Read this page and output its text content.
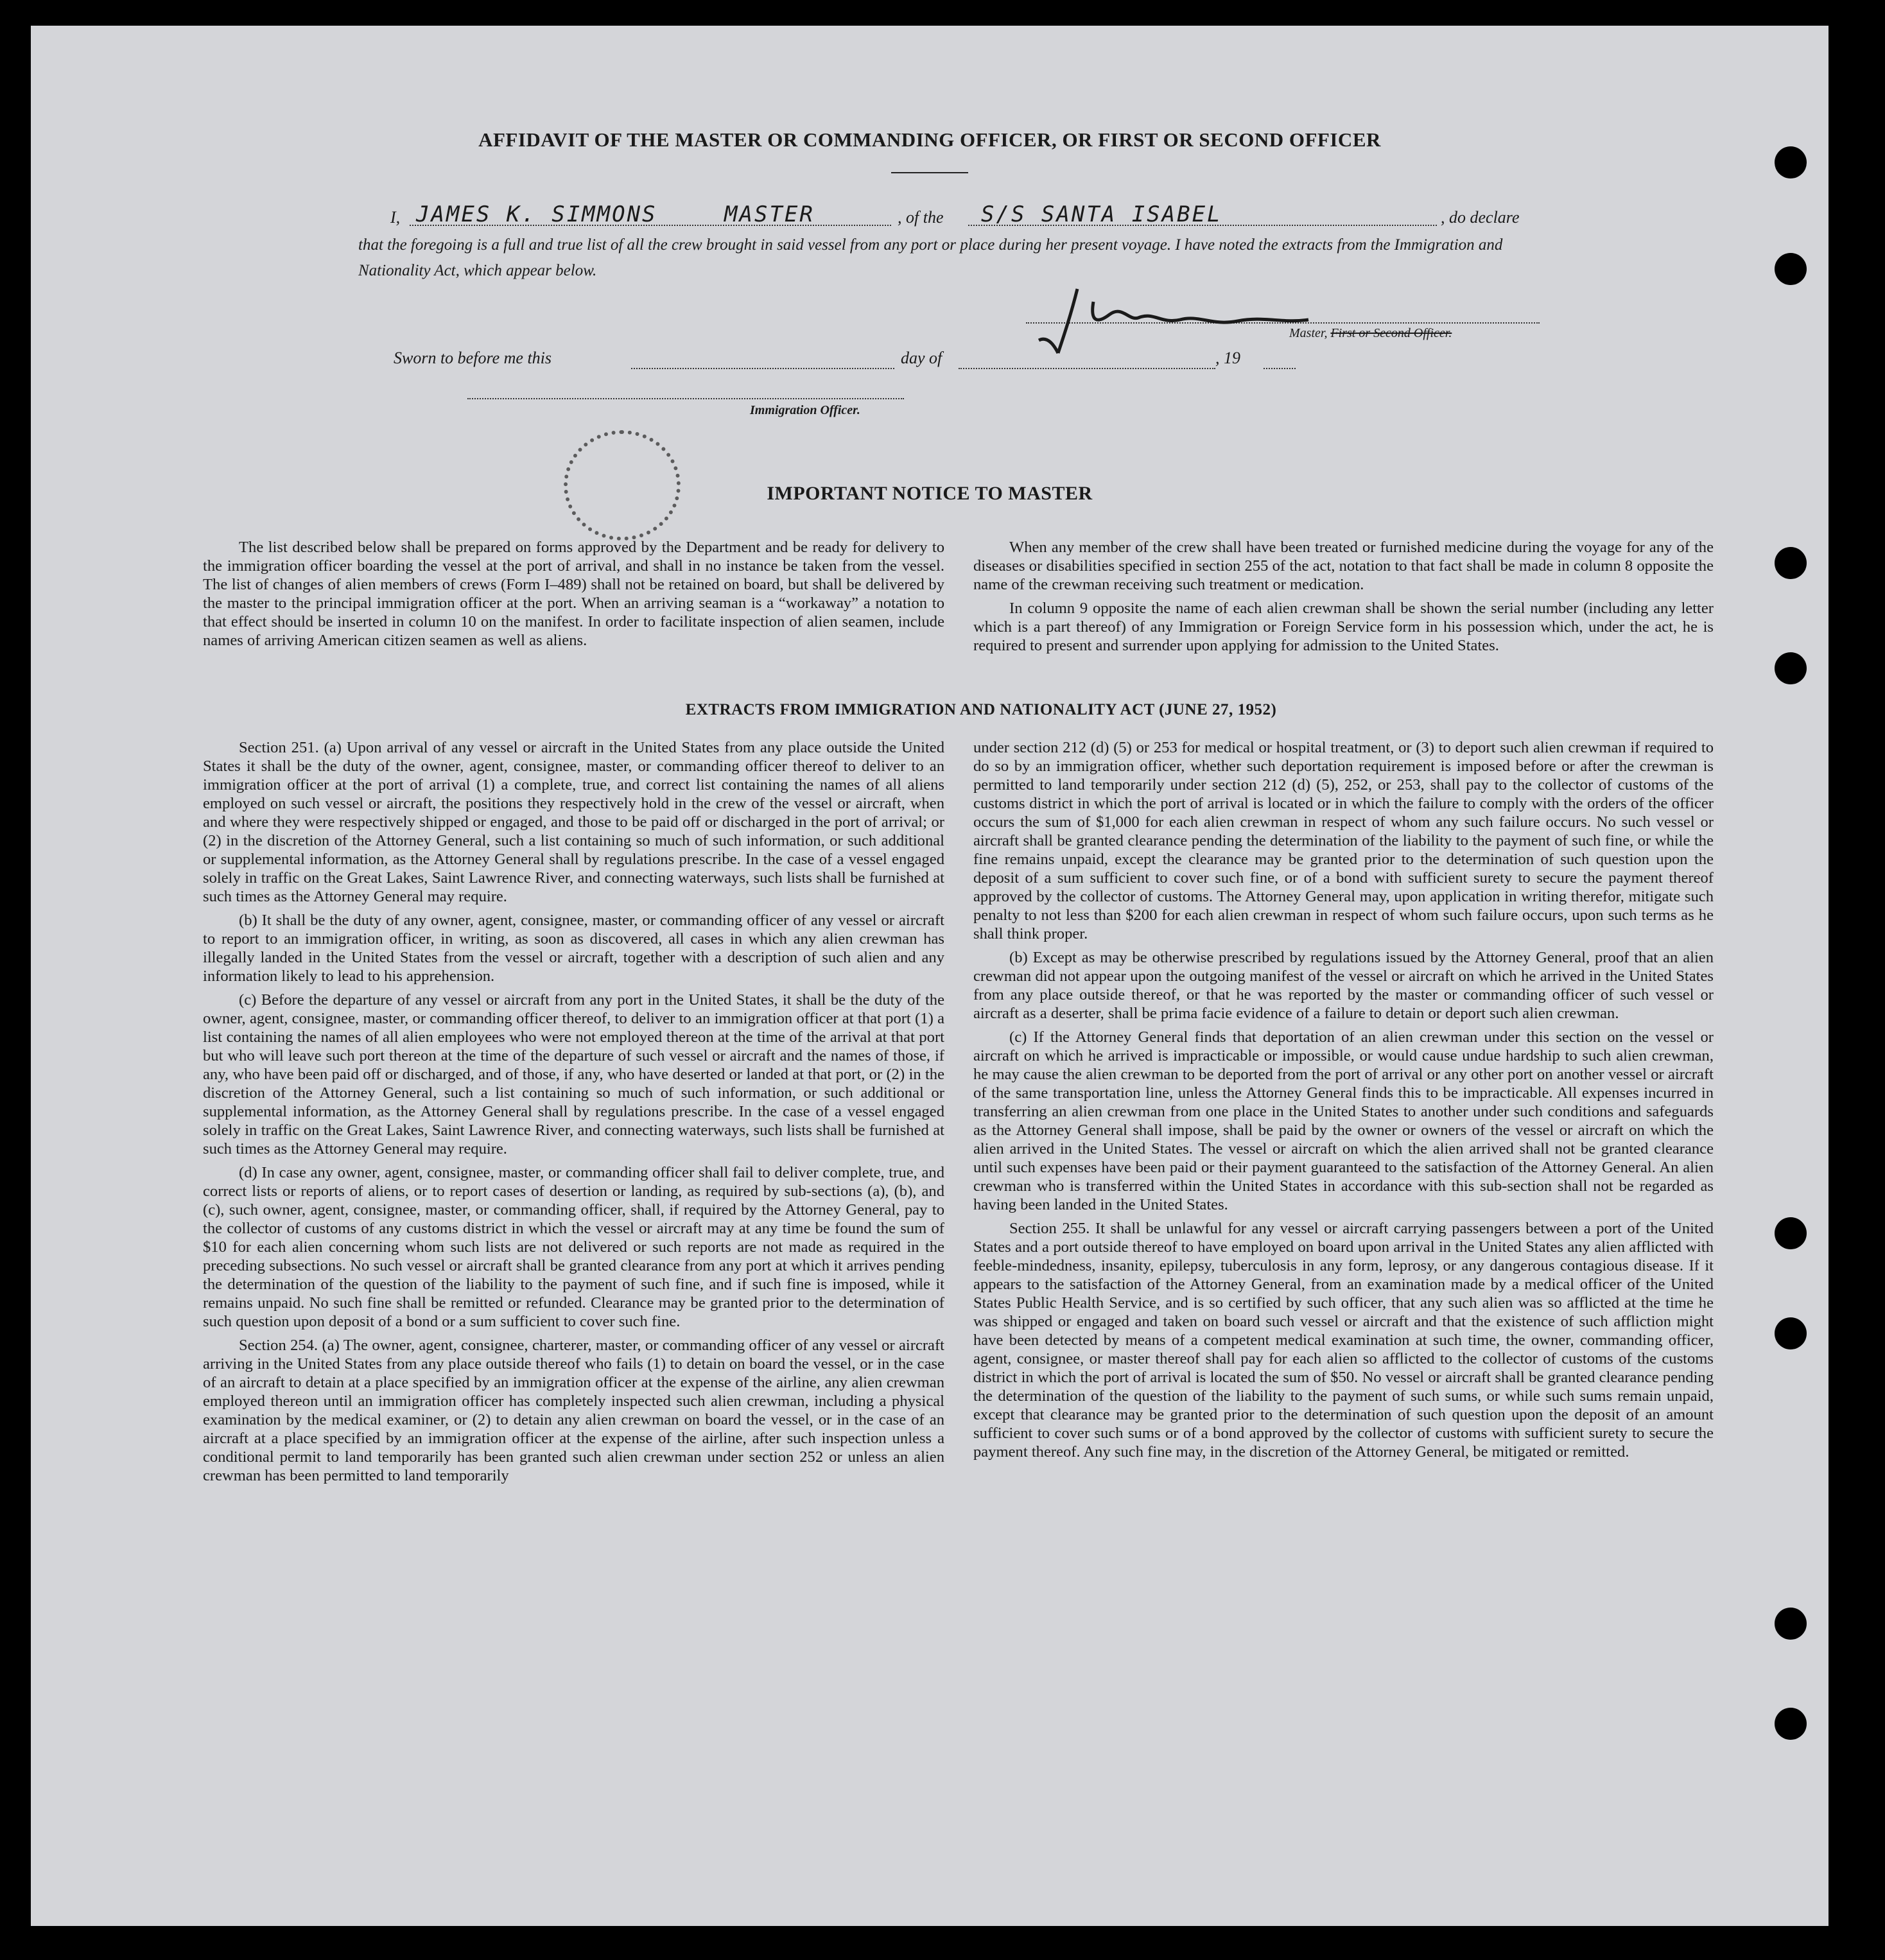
AFFIDAVIT OF THE MASTER OR COMMANDING OFFICER, OR FIRST OR SECOND OFFICER
I, JAMES K. SIMMONS	MASTER	, of the S/S SANTA ISABEL	, do declare
that the foregoing is a full and true list of all the crew brought in said vessel from any port or place during her present voyage. I have noted the extracts from the Immigration and Nationality Act, which appear below.
Master, First or Second Officer.
Sworn to before me this	day of	, 19
Immigration Officer.
IMPORTANT NOTICE TO MASTER

The list described below shall be prepared on forms approved by the Department and be ready for delivery to the immigration officer boarding the vessel at the port of arrival, and shall in no instance be taken from the vessel. The list of changes of alien members of crews (Form I–489) shall not be retained on board, but shall be delivered by the master to the principal immigration officer at the port. When an arriving seaman is a “workaway” a notation to that effect should be inserted in column 10 on the manifest. In order to facilitate inspection of alien seamen, include names of arriving American citizen seamen as well as aliens.

When any member of the crew shall have been treated or furnished medicine during the voyage for any of the diseases or disabilities specified in section 255 of the act, notation to that fact shall be made in column 8 opposite the name of the crewman receiving such treatment or medication.

In column 9 opposite the name of each alien crewman shall be shown the serial number (including any letter which is a part thereof) of any Immigration or Foreign Service form in his possession which, under the act, he is required to present and surrender upon applying for admission to the United States.

EXTRACTS FROM IMMIGRATION AND NATIONALITY ACT (JUNE 27, 1952)

Section 251. (a) Upon arrival of any vessel or aircraft in the United States from any place outside the United States it shall be the duty of the owner, agent, consignee, master, or commanding officer thereof to deliver to an immigration officer at the port of arrival (1) a complete, true, and correct list containing the names of all aliens employed on such vessel or aircraft, the positions they respectively hold in the crew of the vessel or aircraft, when and where they were respectively shipped or engaged, and those to be paid off or discharged in the port of arrival; or (2) in the discretion of the Attorney General, such a list containing so much of such information, or such additional or supplemental information, as the Attorney General shall by regulations prescribe. In the case of a vessel engaged solely in traffic on the Great Lakes, Saint Lawrence River, and connecting waterways, such lists shall be furnished at such times as the Attorney General may require.

(b) It shall be the duty of any owner, agent, consignee, master, or commanding officer of any vessel or aircraft to report to an immigration officer, in writing, as soon as discovered, all cases in which any alien crewman has illegally landed in the United States from the vessel or aircraft, together with a description of such alien and any information likely to lead to his apprehension.

(c) Before the departure of any vessel or aircraft from any port in the United States, it shall be the duty of the owner, agent, consignee, master, or commanding officer thereof, to deliver to an immigration officer at that port (1) a list containing the names of all alien employees who were not employed thereon at the time of the arrival at that port but who will leave such port thereon at the time of the departure of such vessel or aircraft and the names of those, if any, who have been paid off or discharged, and of those, if any, who have deserted or landed at that port, or (2) in the discretion of the Attorney General, such a list containing so much of such information, or such additional or supplemental information, as the Attorney General shall by regulations prescribe. In the case of a vessel engaged solely in traffic on the Great Lakes, Saint Lawrence River, and connecting waterways, such lists shall be furnished at such times as the Attorney General may require.

(d) In case any owner, agent, consignee, master, or commanding officer shall fail to deliver complete, true, and correct lists or reports of aliens, or to report cases of desertion or landing, as required by sub-sections (a), (b), and (c), such owner, agent, consignee, master, or commanding officer, shall, if required by the Attorney General, pay to the collector of customs of any customs district in which the vessel or aircraft may at any time be found the sum of $10 for each alien concerning whom such lists are not delivered or such reports are not made as required in the preceding subsections. No such vessel or aircraft shall be granted clearance from any port at which it arrives pending the determination of the question of the liability to the payment of such fine, and if such fine is imposed, while it remains unpaid. No such fine shall be remitted or refunded. Clearance may be granted prior to the determination of such question upon deposit of a bond or a sum sufficient to cover such fine.

Section 254. (a) The owner, agent, consignee, charterer, master, or commanding officer of any vessel or aircraft arriving in the United States from any place outside thereof who fails (1) to detain on board the vessel, or in the case of an aircraft to detain at a place specified by an immigration officer at the expense of the airline, any alien crewman employed thereon until an immigration officer has completely inspected such alien crewman, including a physical examination by the medical examiner, or (2) to detain any alien crewman on board the vessel, or in the case of an aircraft at a place specified by an immigration officer at the expense of the airline, after such inspection unless a conditional permit to land temporarily has been granted such alien crewman under section 252 or unless an alien crewman has been permitted to land temporarily

under section 212 (d) (5) or 253 for medical or hospital treatment, or (3) to deport such alien crewman if required to do so by an immigration officer, whether such deportation requirement is imposed before or after the crewman is permitted to land temporarily under section 212 (d) (5), 252, or 253, shall pay to the collector of customs of the customs district in which the port of arrival is located or in which the failure to comply with the orders of the officer occurs the sum of $1,000 for each alien crewman in respect of whom any such failure occurs. No such vessel or aircraft shall be granted clearance pending the determination of the liability to the payment of such fine, or while the fine remains unpaid, except the clearance may be granted prior to the determination of such question upon the deposit of a sum sufficient to cover such fine, or of a bond with sufficient surety to secure the payment thereof approved by the collector of customs. The Attorney General may, upon application in writing therefor, mitigate such penalty to not less than $200 for each alien crewman in respect of whom such failure occurs, upon such terms as he shall think proper.

(b) Except as may be otherwise prescribed by regulations issued by the Attorney General, proof that an alien crewman did not appear upon the outgoing manifest of the vessel or aircraft on which he arrived in the United States from any place outside thereof, or that he was reported by the master or commanding officer of such vessel or aircraft as a deserter, shall be prima facie evidence of a failure to detain or deport such alien crewman.

(c) If the Attorney General finds that deportation of an alien crewman under this section on the vessel or aircraft on which he arrived is impracticable or impossible, or would cause undue hardship to such alien crewman, he may cause the alien crewman to be deported from the port of arrival or any other port on another vessel or aircraft of the same transportation line, unless the Attorney General finds this to be impracticable. All expenses incurred in transferring an alien crewman from one place in the United States to another under such conditions and safeguards as the Attorney General shall impose, shall be paid by the owner or owners of the vessel or aircraft on which the alien arrived in the United States. The vessel or aircraft on which the alien arrived shall not be granted clearance until such expenses have been paid or their payment guaranteed to the satisfaction of the Attorney General. An alien crewman who is transferred within the United States in accordance with this sub-section shall not be regarded as having been landed in the United States.

Section 255. It shall be unlawful for any vessel or aircraft carrying passengers between a port of the United States and a port outside thereof to have employed on board upon arrival in the United States any alien afflicted with feeble-mindedness, insanity, epilepsy, tuberculosis in any form, leprosy, or any dangerous contagious disease. If it appears to the satisfaction of the Attorney General, from an examination made by a medical officer of the United States Public Health Service, and is so certified by such officer, that any such alien was so afflicted at the time he was shipped or engaged and taken on board such vessel or aircraft and that the existence of such affliction might have been detected by means of a competent medical examination at such time, the owner, commanding officer, agent, consignee, or master thereof shall pay for each alien so afflicted to the collector of customs of the customs district in which the port of arrival is located the sum of $50. No vessel or aircraft shall be granted clearance pending the determination of the question of the liability to the payment of such sums, or while such sums remain unpaid, except that clearance may be granted prior to the determination of such question upon the deposit of an amount sufficient to cover such sums or of a bond approved by the collector of customs with sufficient surety to secure the payment thereof. Any such fine may, in the discretion of the Attorney General, be mitigated or remitted.
